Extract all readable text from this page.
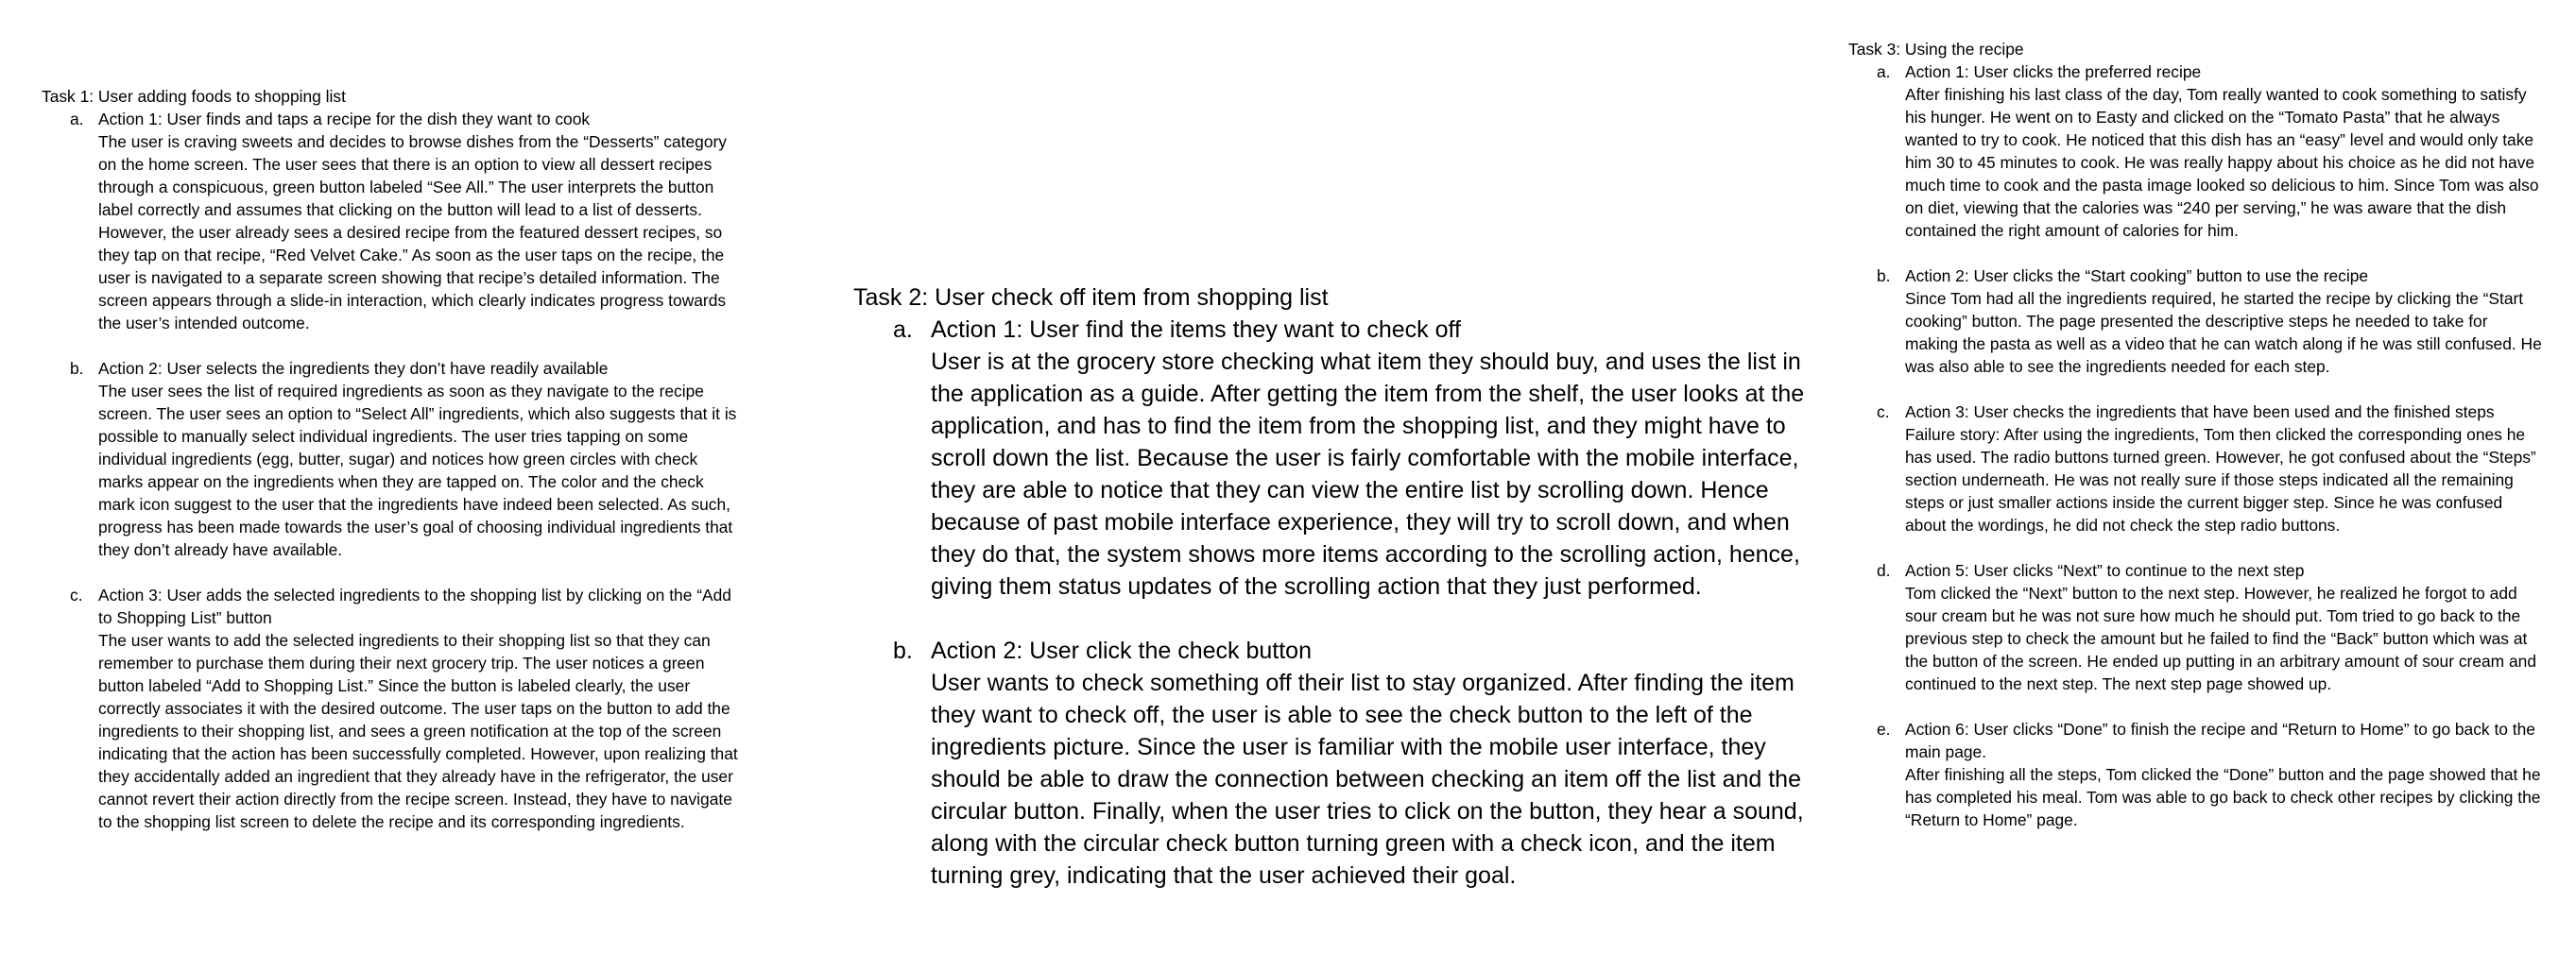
Task 1: User adding foods to shopping list
a. Action 1: User finds and taps a recipe for the dish they want to cook

The user is craving sweets and decides to browse dishes from the “Desserts” category on the home screen. The user sees that there is an option to view all dessert recipes through a conspicuous, green button labeled “See All.” The user interprets the button label correctly and assumes that clicking on the button will lead to a list of desserts. However, the user already sees a desired recipe from the featured dessert recipes, so they tap on that recipe, “Red Velvet Cake.” As soon as the user taps on the recipe, the user is navigated to a separate screen showing that recipe’s detailed information. The screen appears through a slide-in interaction, which clearly indicates progress towards the user’s intended outcome.

b. Action 2: User selects the ingredients they don’t have readily available

The user sees the list of required ingredients as soon as they navigate to the recipe screen. The user sees an option to “Select All” ingredients, which also suggests that it is possible to manually select individual ingredients. The user tries tapping on some individual ingredients (egg, butter, sugar) and notices how green circles with check marks appear on the ingredients when they are tapped on. The color and the check mark icon suggest to the user that the ingredients have indeed been selected. As such, progress has been made towards the user’s goal of choosing individual ingredients that they don’t already have available.

c. Action 3: User adds the selected ingredients to the shopping list by clicking on the “Add to Shopping List” button

The user wants to add the selected ingredients to their shopping list so that they can remember to purchase them during their next grocery trip. The user notices a green button labeled “Add to Shopping List.” Since the button is labeled clearly, the user correctly associates it with the desired outcome. The user taps on the button to add the ingredients to their shopping list, and sees a green notification at the top of the screen indicating that the action has been successfully completed. However, upon realizing that they accidentally added an ingredient that they already have in the refrigerator, the user cannot revert their action directly from the recipe screen. Instead, they have to navigate to the shopping list screen to delete the recipe and its corresponding ingredients.

Task 2: User check off item from shopping list
a. Action 1: User find the items they want to check off

User is at the grocery store checking what item they should buy, and uses the list in the application as a guide. After getting the item from the shelf, the user looks at the application, and has to find the item from the shopping list, and they might have to scroll down the list. Because the user is fairly comfortable with the mobile interface, they are able to notice that they can view the entire list by scrolling down. Hence because of past mobile interface experience, they will try to scroll down, and when they do that, the system shows more items according to the scrolling action, hence, giving them status updates of the scrolling action that they just performed.

b. Action 2: User click the check button

User wants to check something off their list to stay organized. After finding the item they want to check off, the user is able to see the check button to the left of the ingredients picture. Since the user is familiar with the mobile user interface, they should be able to draw the connection between checking an item off the list and the circular button. Finally, when the user tries to click on the button, they hear a sound, along with the circular check button turning green with a check icon, and the item turning grey, indicating that the user achieved their goal.

Task 3: Using the recipe
a. Action 1: User clicks the preferred recipe

After finishing his last class of the day, Tom really wanted to cook something to satisfy his hunger. He went on to Easty and clicked on the “Tomato Pasta” that he always wanted to try to cook. He noticed that this dish has an “easy” level and would only take him 30 to 45 minutes to cook. He was really happy about his choice as he did not have much time to cook and the pasta image looked so delicious to him. Since Tom was also on diet, viewing that the calories was “240 per serving,” he was aware that the dish contained the right amount of calories for him.

b. Action 2: User clicks the “Start cooking” button to use the recipe

Since Tom had all the ingredients required, he started the recipe by clicking the “Start cooking” button. The page presented the descriptive steps he needed to take for making the pasta as well as a video that he can watch along if he was still confused. He was also able to see the ingredients needed for each step.

c. Action 3: User checks the ingredients that have been used and the finished steps

Failure story: After using the ingredients, Tom then clicked the corresponding ones he has used. The radio buttons turned green. However, he got confused about the “Steps” section underneath. He was not really sure if those steps indicated all the remaining steps or just smaller actions inside the current bigger step. Since he was confused about the wordings, he did not check the step radio buttons.

d. Action 5: User clicks “Next” to continue to the next step

Tom clicked the “Next” button to the next step. However, he realized he forgot to add sour cream but he was not sure how much he should put. Tom tried to go back to the previous step to check the amount but he failed to find the “Back” button which was at the button of the screen. He ended up putting in an arbitrary amount of sour cream and continued to the next step. The next step page showed up.

e. Action 6: User clicks “Done” to finish the recipe and “Return to Home” to go back to the main page.

After finishing all the steps, Tom clicked the “Done” button and the page showed that he has completed his meal. Tom was able to go back to check other recipes by clicking the “Return to Home” page.
